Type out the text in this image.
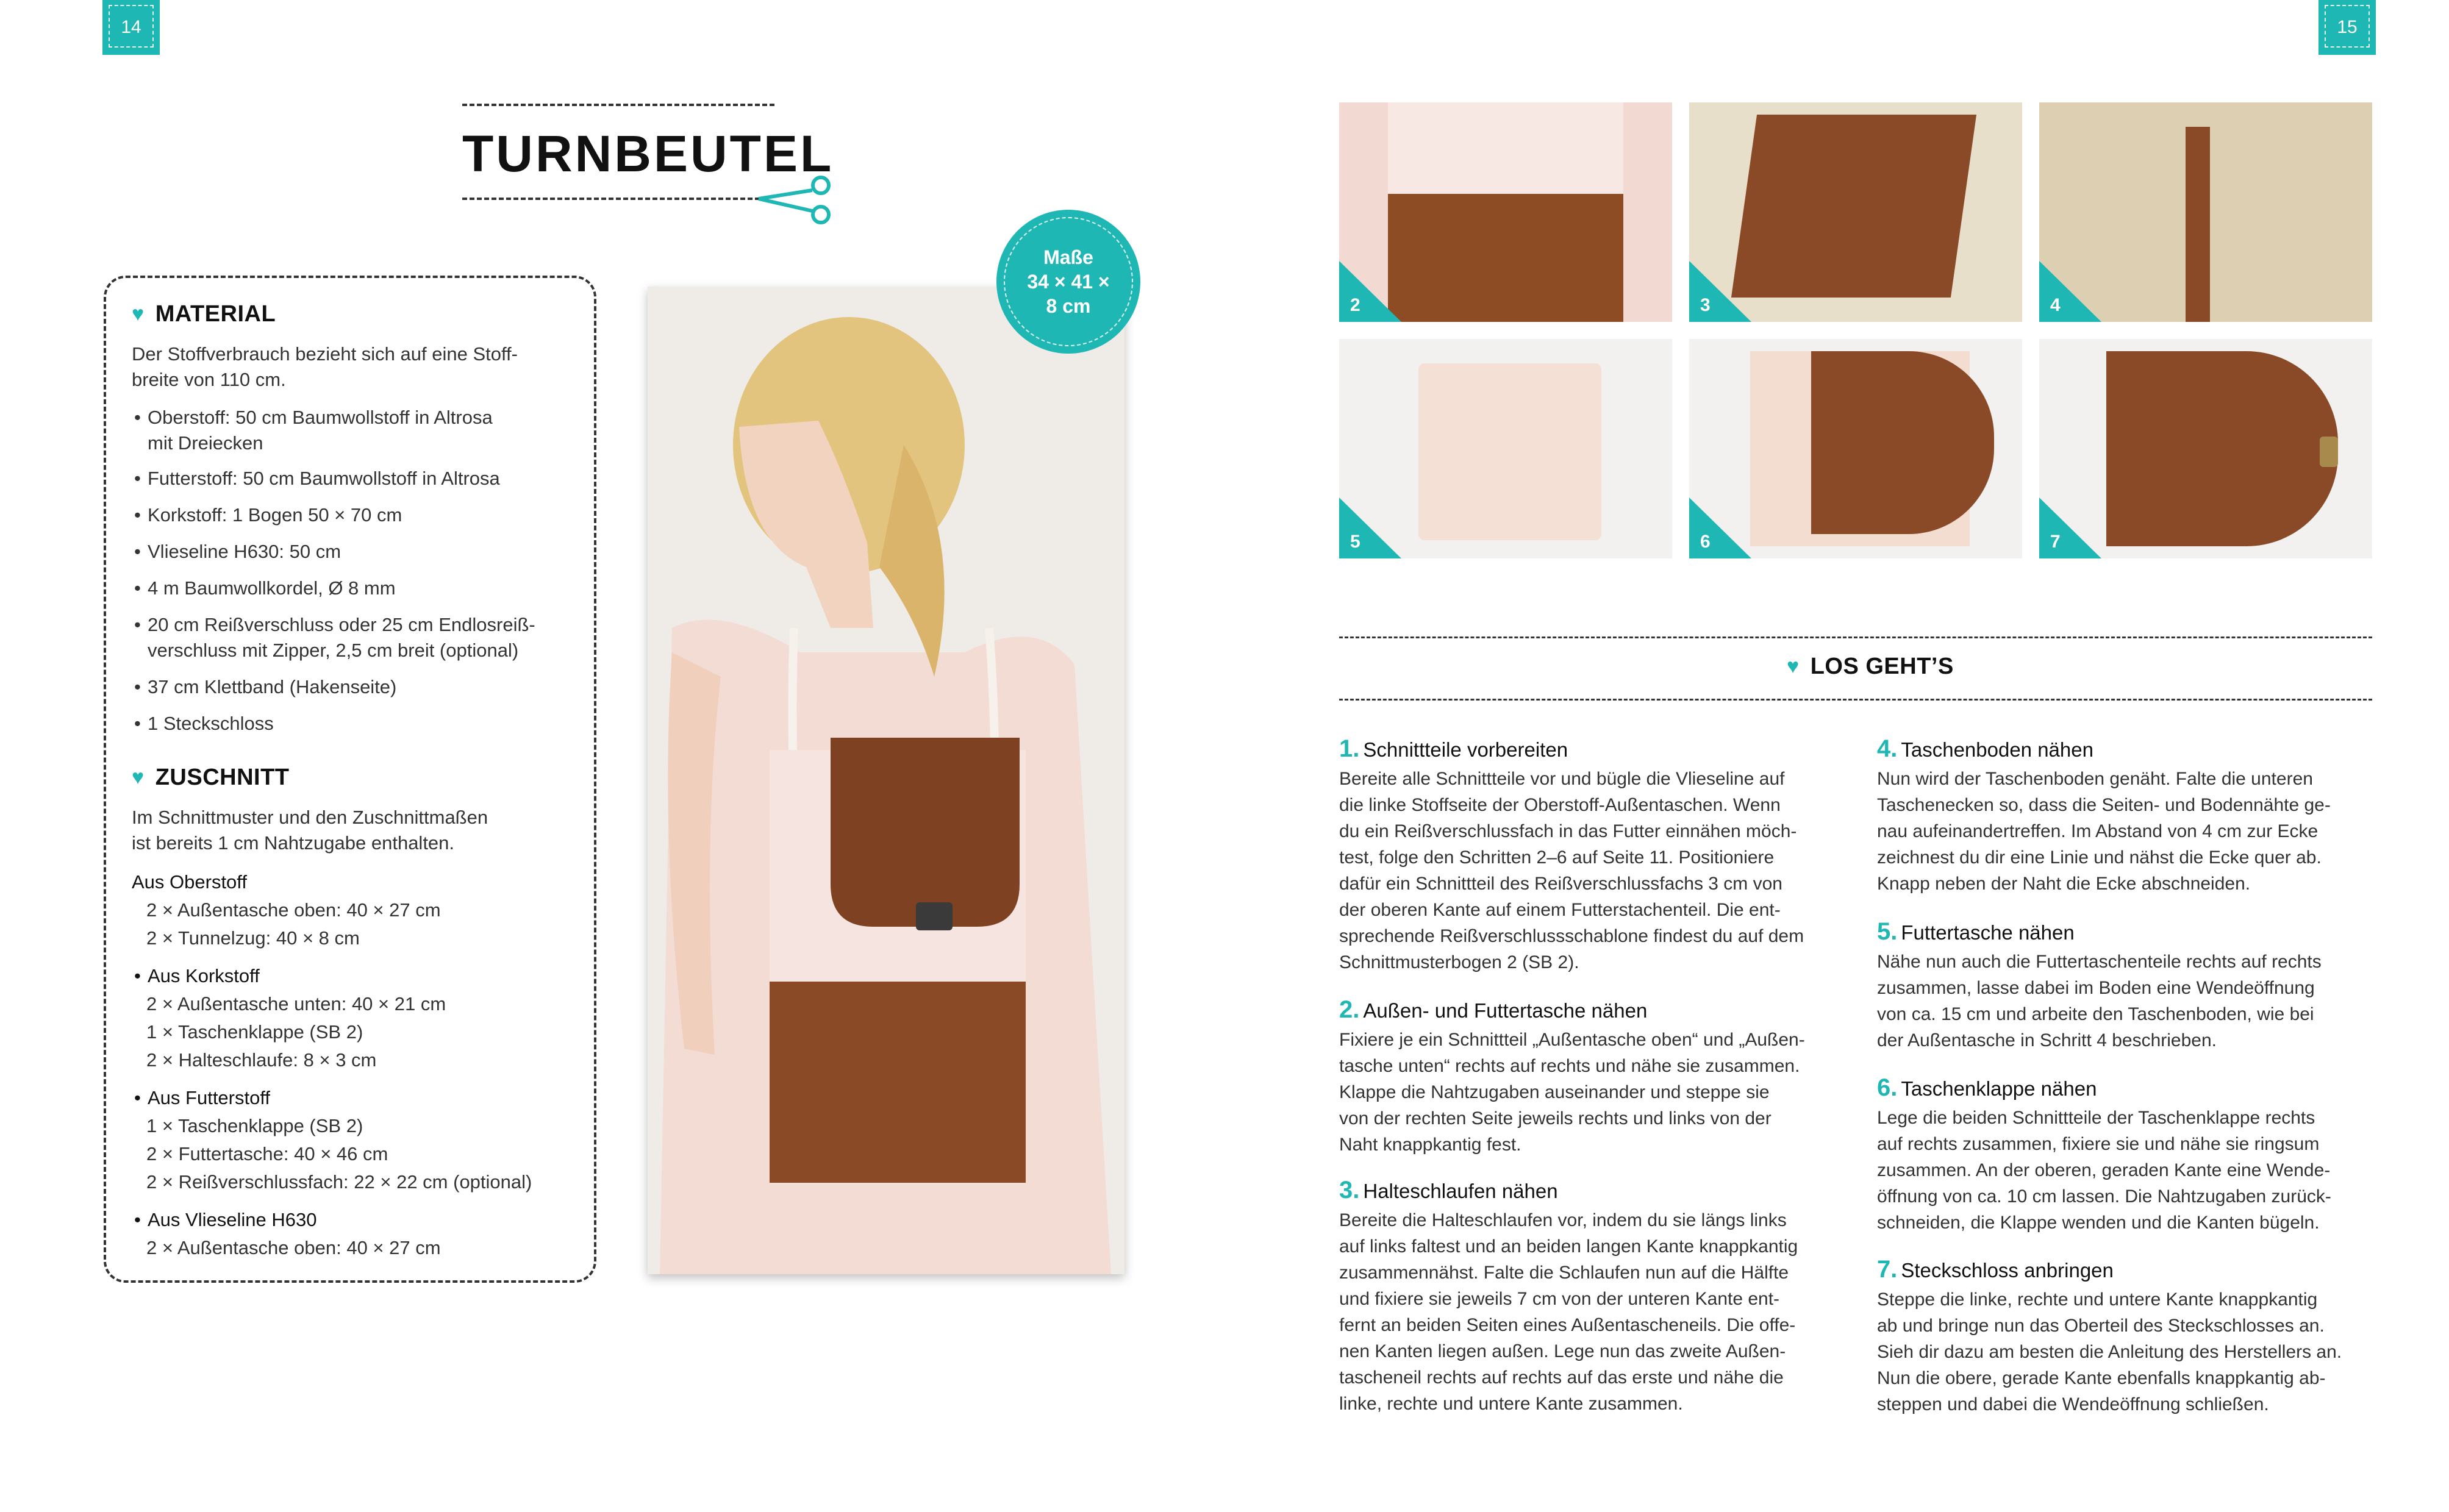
14	15
TURNBEUTEL
♥ MATERIAL
Der Stoffverbrauch bezieht sich auf eine Stoff-
breite von 110 cm.
• Oberstoff: 50 cm Baumwollstoff in Altrosa
mit Dreiecken
• Futterstoff: 50 cm Baumwollstoff in Altrosa
• Korkstoff: 1 Bogen 50 × 70 cm
• Vlieseline H630: 50 cm
• 4 m Baumwollkordel, Ø 8 mm
• 20 cm Reißverschluss oder 25 cm Endlosreiß-
verschluss mit Zipper, 2,5 cm breit (optional)
• 37 cm Klettband (Hakenseite)
• 1 Steckschloss
♥ ZUSCHNITT
Im Schnittmuster und den Zuschnittmaßen
ist bereits 1 cm Nahtzugabe enthalten.
Aus Oberstoff
2 × Außentasche oben: 40 × 27 cm
2 × Tunnelzug: 40 × 8 cm
• Aus Korkstoff
2 × Außentasche unten: 40 × 21 cm
1 × Taschenklappe (SB 2)
2 × Halteschlaufe: 8 × 3 cm
• Aus Futterstoff
1 × Taschenklappe (SB 2)
2 × Futtertasche: 40 × 46 cm
2 × Reißverschlussfach: 22 × 22 cm (optional)
• Aus Vlieseline H630
2 × Außentasche oben: 40 × 27 cm
Maße
34 × 41 ×
8 cm	2	3	4
5	6	7
♥ LOS GEHT’S
1. Schnittteile vorbereiten
Bereite alle Schnittteile vor und bügle die Vlieseline auf
die linke Stoffseite der Oberstoff-Außentaschen. Wenn
du ein Reißverschlussfach in das Futter einnähen möch-
test, folge den Schritten 2–6 auf Seite 11. Positioniere
dafür ein Schnittteil des Reißverschlussfachs 3 cm von
der oberen Kante auf einem Futterstachenteil. Die ent-
sprechende Reißverschlussschablone findest du auf dem
Schnittmusterbogen 2 (SB 2).
2. Außen- und Futtertasche nähen
Fixiere je ein Schnittteil „Außentasche oben“ und „Außen-
tasche unten“ rechts auf rechts und nähe sie zusammen.
Klappe die Nahtzugaben auseinander und steppe sie
von der rechten Seite jeweils rechts und links von der
Naht knappkantig fest.
3. Halteschlaufen nähen
Bereite die Halteschlaufen vor, indem du sie längs links
auf links faltest und an beiden langen Kante knappkantig
zusammennähst. Falte die Schlaufen nun auf die Hälfte
und fixiere sie jeweils 7 cm von der unteren Kante ent-
fernt an beiden Seiten eines Außentascheneils. Die offe-
nen Kanten liegen außen. Lege nun das zweite Außen-
tascheneil rechts auf rechts auf das erste und nähe die
linke, rechte und untere Kante zusammen.
4. Taschenboden nähen
Nun wird der Taschenboden genäht. Falte die unteren
Taschenecken so, dass die Seiten- und Bodennähte ge-
nau aufeinandertreffen. Im Abstand von 4 cm zur Ecke
zeichnest du dir eine Linie und nähst die Ecke quer ab.
Knapp neben der Naht die Ecke abschneiden.
5. Futtertasche nähen
Nähe nun auch die Futtertaschenteile rechts auf rechts
zusammen, lasse dabei im Boden eine Wendeöffnung
von ca. 15 cm und arbeite den Taschenboden, wie bei
der Außentasche in Schritt 4 beschrieben.
6. Taschenklappe nähen
Lege die beiden Schnittteile der Taschenklappe rechts
auf rechts zusammen, fixiere sie und nähe sie ringsum
zusammen. An der oberen, geraden Kante eine Wende-
öffnung von ca. 10 cm lassen. Die Nahtzugaben zurück-
schneiden, die Klappe wenden und die Kanten bügeln.
7. Steckschloss anbringen
Steppe die linke, rechte und untere Kante knappkantig
ab und bringe nun das Oberteil des Steckschlosses an.
Sieh dir dazu am besten die Anleitung des Herstellers an.
Nun die obere, gerade Kante ebenfalls knappkantig ab-
steppen und dabei die Wendeöffnung schließen.
